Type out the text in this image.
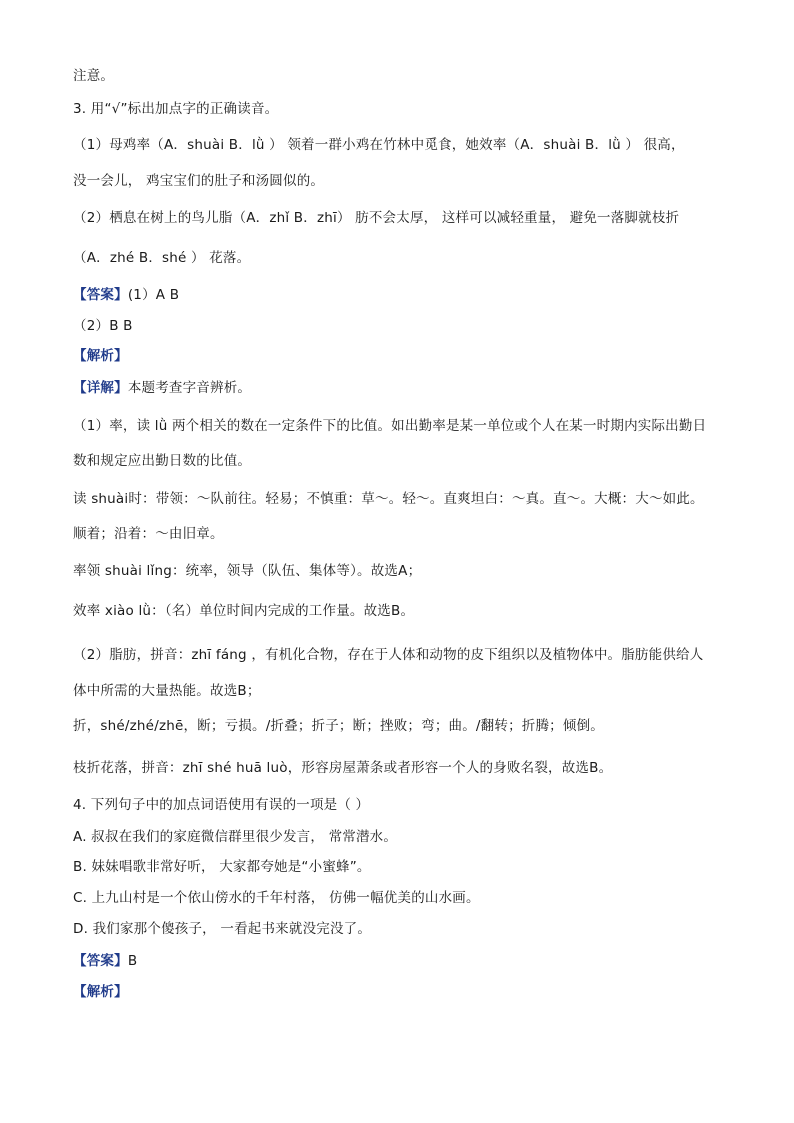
注意。
3. 用“√”标出加点字的正确读音。
（1）母鸡率（A．shuài B．lǜ ） 领着一群小鸡在竹林中觅食，她效率（A．shuài B．lǜ ） 很高，
没一会儿， 鸡宝宝们的肚子和汤圆似的。
（2）栖息在树上的鸟儿脂（A．zhǐ B．zhī） 肪不会太厚， 这样可以减轻重量， 避免一落脚就枝折
（A．zhé B．shé ） 花落。
【答案】(1）A B
（2）B B
【解析】
【详解】本题考查字音辨析。
（1）率，读 lǜ 两个相关的数在一定条件下的比值。如出勤率是某一单位或个人在某一时期内实际出勤日
数和规定应出勤日数的比值。
读 shuài时：带领：～队前往。轻易；不慎重：草～。轻～。直爽坦白：～真。直～。大概：大～如此。
顺着；沿着：～由旧章。
率领 shuài lǐng：统率，领导（队伍、集体等）。故选A；
效率 xiào lǜ：（名）单位时间内完成的工作量。故选B。
（2）脂肪，拼音：zhī fáng ，有机化合物，存在于人体和动物的皮下组织以及植物体中。脂肪能供给人
体中所需的大量热能。故选B；
折，shé/zhé/zhē，断；亏损。/折叠；折子；断；挫败；弯；曲。/翻转；折腾；倾倒。
枝折花落，拼音：zhī shé huā luò，形容房屋萧条或者形容一个人的身败名裂，故选B。
4. 下列句子中的加点词语使用有误的一项是（ ）
A. 叔叔在我们的家庭微信群里很少发言， 常常潜水。
B. 妹妹唱歌非常好听， 大家都夸她是“小蜜蜂”。
C. 上九山村是一个依山傍水的千年村落， 仿佛一幅优美的山水画。
D. 我们家那个傻孩子， 一看起书来就没完没了。
【答案】B
【解析】
